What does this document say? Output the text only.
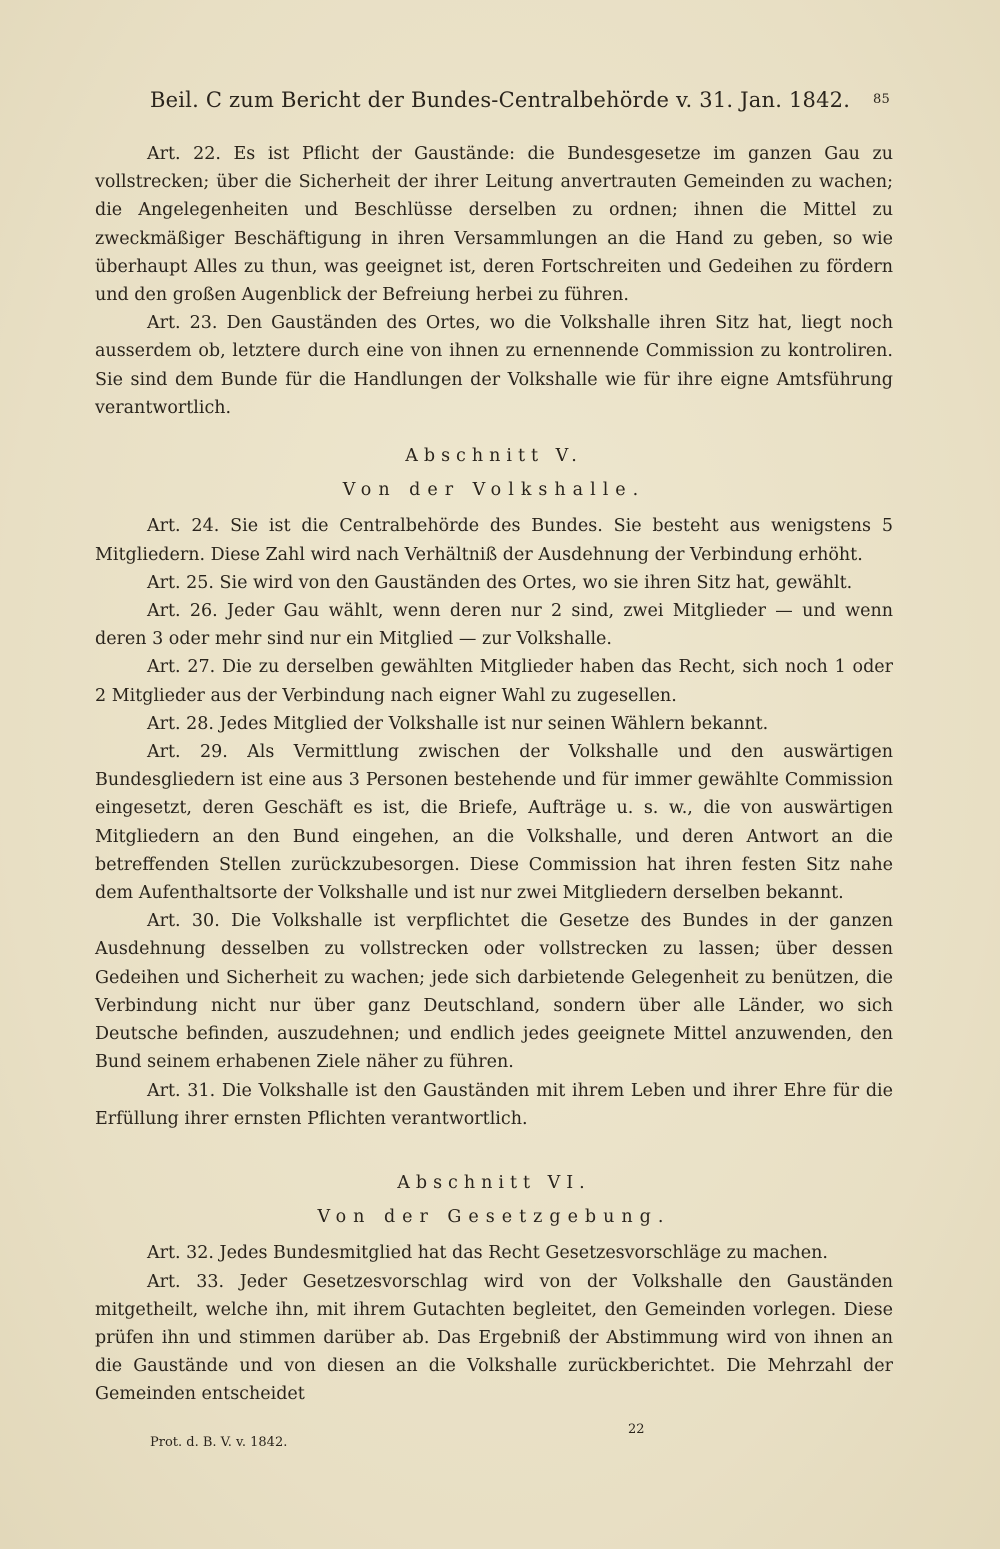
Beil. C zum Bericht der Bundes-Centralbehörde v. 31. Jan. 1842. 85

Art. 22. Es ist Pflicht der Gauständе: die Bundesgesetze im ganzen Gau zu vollstrecken; über die Sicherheit der ihrer Leitung anvertrauten Gemeinden zu wachen; die Angelegenheiten und Beschlüsse derselben zu ordnen; ihnen die Mittel zu zweckmäßiger Beschäftigung in ihren Versammlungen an die Hand zu geben, so wie überhaupt Alles zu thun, was geeignet ist, deren Fortschreiten und Gedeihen zu fördern und den großen Augenblick der Befreiung herbei zu führen.

Art. 23. Den Gauständen des Ortes, wo die Volkshalle ihren Sitz hat, liegt noch ausserdem ob, letztere durch eine von ihnen zu ernennende Commission zu kontroliren. Sie sind dem Bunde für die Handlungen der Volkshalle wie für ihre eigne Amtsführung verantwortlich.

Abschnitt V.
Von der Volkshalle.

Art. 24. Sie ist die Centralbehörde des Bundes. Sie besteht aus wenigstens 5 Mitgliedern. Diese Zahl wird nach Verhältniß der Ausdehnung der Verbindung erhöht.

Art. 25. Sie wird von den Gauständen des Ortes, wo sie ihren Sitz hat, gewählt.

Art. 26. Jeder Gau wählt, wenn deren nur 2 sind, zwei Mitglieder — und wenn deren 3 oder mehr sind nur ein Mitglied — zur Volkshalle.

Art. 27. Die zu derselben gewählten Mitglieder haben das Recht, sich noch 1 oder 2 Mitglieder aus der Verbindung nach eigner Wahl zu zugesellen.

Art. 28. Jedes Mitglied der Volkshalle ist nur seinen Wählern bekannt.

Art. 29. Als Vermittlung zwischen der Volkshalle und den auswärtigen Bundesgliedern ist eine aus 3 Personen bestehende und für immer gewählte Commission eingesetzt, deren Geschäft es ist, die Briefe, Aufträge u. s. w., die von auswärtigen Mitgliedern an den Bund eingehen, an die Volkshalle, und deren Antwort an die betreffenden Stellen zurückzubesorgen. Diese Commission hat ihren festen Sitz nahe dem Aufenthaltsorte der Volkshalle und ist nur zwei Mitgliedern derselben bekannt.

Art. 30. Die Volkshalle ist verpflichtet die Gesetze des Bundes in der ganzen Ausdehnung desselben zu vollstrecken oder vollstrecken zu lassen; über dessen Gedeihen und Sicherheit zu wachen; jede sich darbietende Gelegenheit zu benützen, die Verbindung nicht nur über ganz Deutschland, sondern über alle Länder, wo sich Deutsche befinden, auszudehnen; und endlich jedes geeignete Mittel anzuwenden, den Bund seinem erhabenen Ziele näher zu führen.

Art. 31. Die Volkshalle ist den Gauständen mit ihrem Leben und ihrer Ehre für die Erfüllung ihrer ernsten Pflichten verantwortlich.

Abschnitt VI.
Von der Gesetzgebung.

Art. 32. Jedes Bundesmitglied hat das Recht Gesetzesvorschläge zu machen.

Art. 33. Jeder Gesetzesvorschlag wird von der Volkshalle den Gauständen mitgetheilt, welche ihn, mit ihrem Gutachten begleitet, den Gemeinden vorlegen. Diese prüfen ihn und stimmen darüber ab. Das Ergebniß der Abstimmung wird von ihnen an die Gauständе und von diesen an die Volkshalle zurückberichtet. Die Mehrzahl der Gemeinden entscheidet

Prot. d. B. V. v. 1842.
22
